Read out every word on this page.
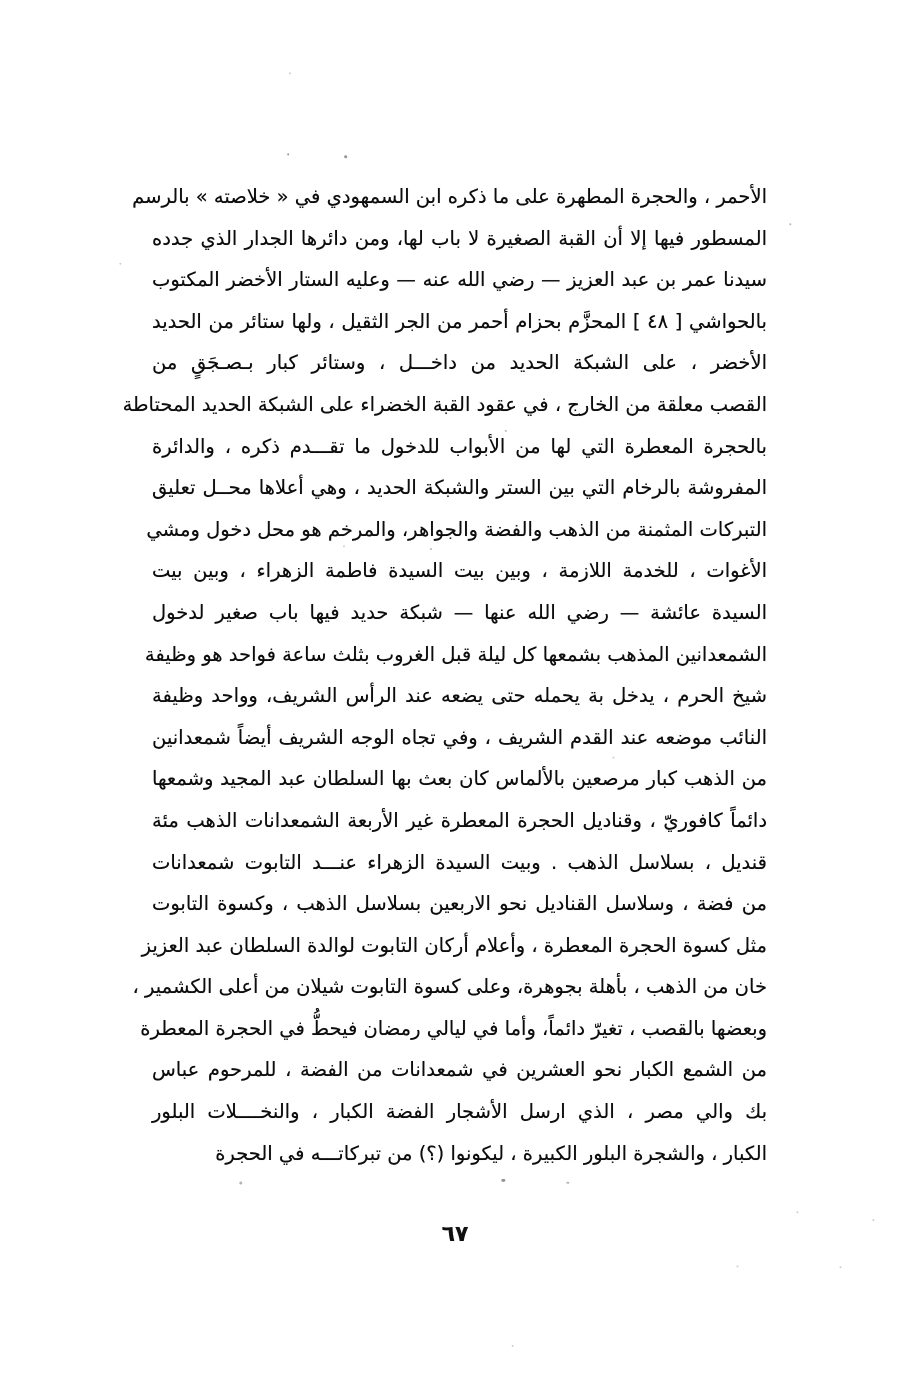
الأحمر ، والحجرة المطهرة على ما ذكره ابن السمهودي في « خلاصته » بالرسم
المسطور فيها إلا أن القبة الصغيرة لا باب لها، ومن دائرها الجدار الذي جدده
سيدنا عمر بن عبد العزيز — رضي الله عنه — وعليه الستار الأخضر المكتوب
بالحواشي [ ٤٨ ] المحزَّم بحزام أحمر من الجر الثقيل ، ولها ستائر من الحديد
الأخضر ، على الشبكة الحديد من داخـــل ، وستائر كبار بـصـجَقٍ من
القصب معلقة من الخارج ، في عقود القبة الخضراء على الشبكة الحديد المحتاطة
بالحجرة المعطرة التي لها من الأبواب للدخول ما تقـــدم ذكره ، والدائرة
المفروشة بالرخام التي بين الستر والشبكة الحديد ، وهي أعلاها محــل تعليق
التبركات المثمنة من الذهب والفضة والجواهر، والمرخم هو محل دخول ومشي
الأغوات ، للخدمة اللازمة ، وبين بيت السيدة فاطمة الزهراء ، وبين بيت
السيدة عائشة — رضي الله عنها — شبكة حديد فيها باب صغير لدخول
الشمعدانين المذهب بشمعها كل ليلة قبل الغروب بثلث ساعة فواحد هو وظيفة
شيخ الحرم ، يدخل بة يحمله حتى يضعه عند الرأس الشريف، وواحد وظيفة
النائب موضعه عند القدم الشريف ، وفي تجاه الوجه الشريف أيضاً شمعدانين
من الذهب كبار مرصعين بالألماس كان بعث بها السلطان عبد المجيد وشمعها
دائماً كافوريّ ، وقناديل الحجرة المعطرة غير الأربعة الشمعدانات الذهب مئة
قنديل ، بسلاسل الذهب . وبيت السيدة الزهراء عنـــد التابوت شمعدانات
من فضة ، وسلاسل القناديل نحو الاربعين بسلاسل الذهب ، وكسوة التابوت
مثل كسوة الحجرة المعطرة ، وأعلام أركان التابوت لوالدة السلطان عبد العزيز
خان من الذهب ، بأهلة بجوهرة، وعلى كسوة التابوت شيلان من أعلى الكشمير ،
وبعضها بالقصب ، تغيرّ دائماً، وأما في ليالي رمضان فيحطُّ في الحجرة المعطرة
من الشمع الكبار نحو العشرين في شمعدانات من الفضة ، للمرحوم عباس
بك والي مصر ، الذي ارسل الأشجار الفضة الكبار ، والنخــــلات البلور
الكبار ، والشجرة البلور الكبيرة ، ليكونوا (؟) من تبركاتـــه في الحجرة
٦٧
